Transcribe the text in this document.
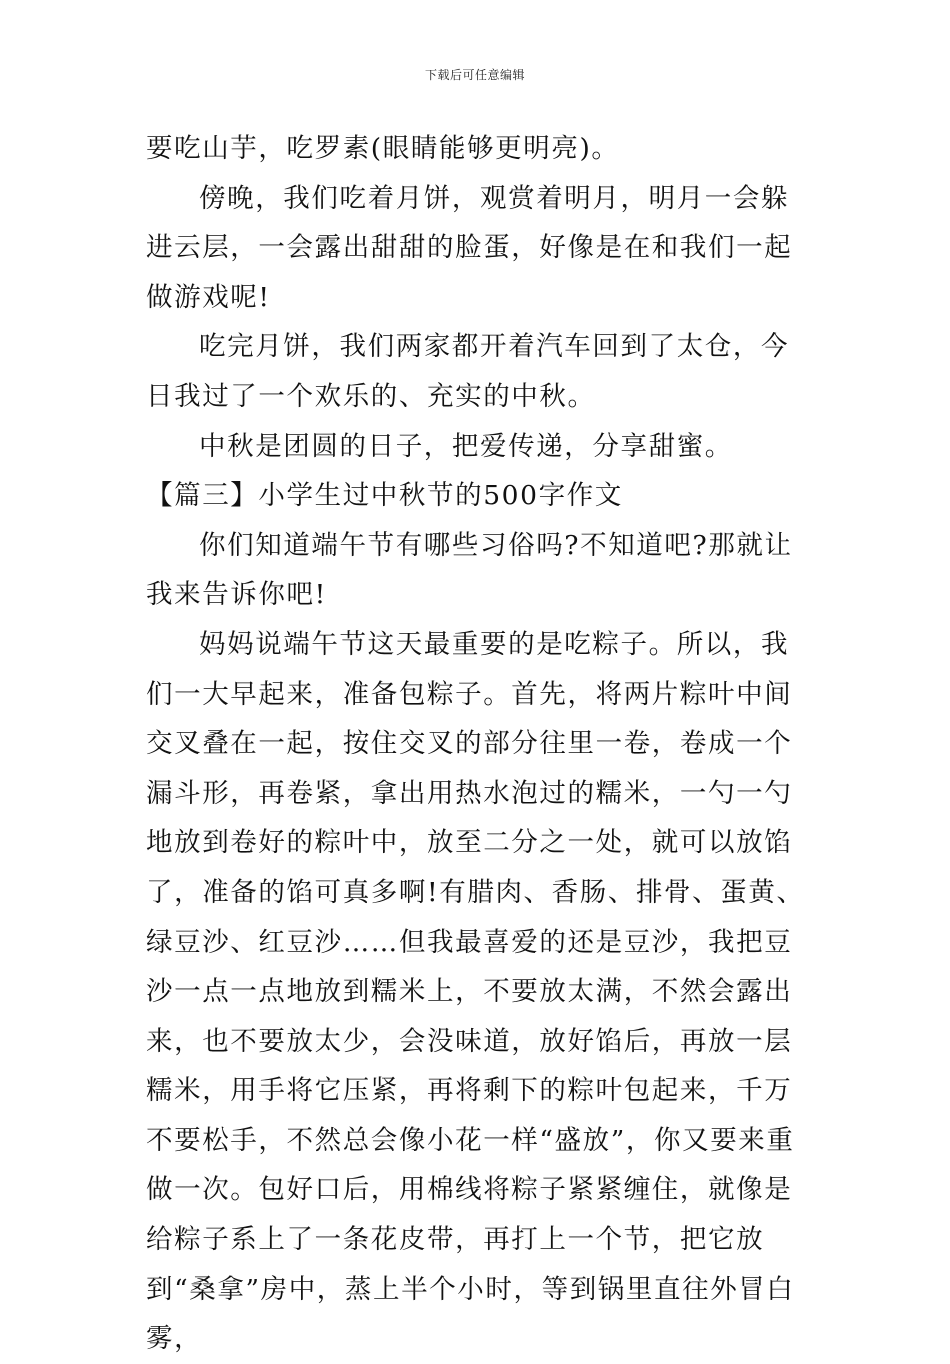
下载后可任意编辑

要吃山芋，吃罗素(眼睛能够更明亮)。

傍晚，我们吃着月饼，观赏着明月，明月一会躲进云层，一会露出甜甜的脸蛋，好像是在和我们一起做游戏呢!

吃完月饼，我们两家都开着汽车回到了太仓，今日我过了一个欢乐的、充实的中秋。

中秋是团圆的日子，把爱传递，分享甜蜜。

【篇三】小学生过中秋节的500字作文

你们知道端午节有哪些习俗吗?不知道吧?那就让我来告诉你吧!

妈妈说端午节这天最重要的是吃粽子。所以，我们一大早起来，准备包粽子。首先，将两片粽叶中间交叉叠在一起，按住交叉的部分往里一卷，卷成一个漏斗形，再卷紧，拿出用热水泡过的糯米，一勺一勺地放到卷好的粽叶中，放至二分之一处，就可以放馅了，准备的馅可真多啊!有腊肉、香肠、排骨、蛋黄、绿豆沙、红豆沙……但我最喜爱的还是豆沙，我把豆沙一点一点地放到糯米上，不要放太满，不然会露出来，也不要放太少，会没味道，放好馅后，再放一层糯米，用手将它压紧，再将剩下的粽叶包起来，千万不要松手，不然总会像小花一样“盛放”，你又要来重做一次。包好口后，用棉线将粽子紧紧缠住，就像是给粽子系上了一条花皮带，再打上一个节，把它放到“桑拿”房中，蒸上半个小时，等到锅里直往外冒白雾，
